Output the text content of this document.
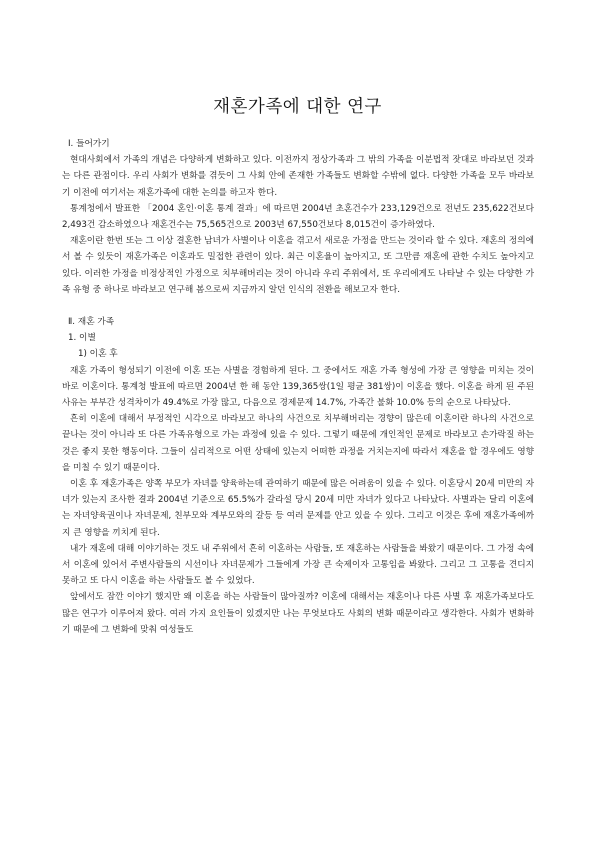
재혼가족에 대한 연구

Ⅰ. 들어가기

현대사회에서 가족의 개념은 다양하게 변화하고 있다. 이전까지 정상가족과 그 밖의 가족을 이분법적 잣대로 바라보던 것과는 다른 관점이다. 우리 사회가 변화를 겪듯이 그 사회 안에 존재한 가족들도 변화할 수밖에 없다. 다양한 가족을 모두 바라보기 이전에 여기서는 재혼가족에 대한 논의를 하고자 한다.

통계청에서 발표한 「2004 혼인·이혼 통계 결과」에 따르면 2004년 초혼건수가 233,129건으로 전년도 235,622건보다 2,493건 감소하였으나 재혼건수는 75,565건으로 2003년 67,550건보다 8,015건이 증가하였다.

재혼이란 한번 또는 그 이상 결혼한 남녀가 사별이나 이혼을 겪고서 새로운 가정을 만드는 것이라 할 수 있다. 재혼의 정의에서 볼 수 있듯이 재혼가족은 이혼과도 밀접한 관련이 있다. 최근 이혼율이 높아지고, 또 그만큼 재혼에 관한 수치도 높아지고 있다. 이러한 가정을 비정상적인 가정으로 치부해버리는 것이 아니라 우리 주위에서, 또 우리에게도 나타날 수 있는 다양한 가족 유형 중 하나로 바라보고 연구해 봄으로써 지금까지 알던 인식의 전환을 해보고자 한다.

Ⅱ. 재혼 가족

1. 이별

1) 이혼 후

재혼 가족이 형성되기 이전에 이혼 또는 사별을 경험하게 된다. 그 중에서도 재혼 가족 형성에 가장 큰 영향을 미치는 것이 바로 이혼이다. 통계청 발표에 따르면 2004년 한 해 동안 139,365쌍(1일 평균 381쌍)이 이혼을 했다. 이혼을 하게 된 주된 사유는 부부간 성격차이가 49.4%로 가장 많고, 다음으로 경제문제 14.7%, 가족간 불화 10.0% 등의 순으로 나타났다.

흔히 이혼에 대해서 부정적인 시각으로 바라보고 하나의 사건으로 치부해버리는 경향이 많은데 이혼이란 하나의 사건으로 끝나는 것이 아니라 또 다른 가족유형으로 가는 과정에 있을 수 있다. 그렇기 때문에 개인적인 문제로 바라보고 손가락질 하는 것은 좋지 못한 행동이다. 그들이 심리적으로 어떤 상태에 있는지 어떠한 과정을 거치는지에 따라서 재혼을 할 경우에도 영향을 미칠 수 있기 때문이다.

이혼 후 재혼가족은 양쪽 부모가 자녀를 양육하는데 관여하기 때문에 많은 어려움이 있을 수 있다. 이혼당시 20세 미만의 자녀가 있는지 조사한 결과 2004년 기준으로 65.5%가 갈라설 당시 20세 미만 자녀가 있다고 나타났다. 사별과는 달리 이혼에는 자녀양육권이나 자녀문제, 친부모와 계부모와의 갈등 등 여러 문제를 안고 있을 수 있다. 그리고 이것은 후에 재혼가족에까지 큰 영향을 끼치게 된다.

내가 재혼에 대해 이야기하는 것도 내 주위에서 흔히 이혼하는 사람들, 또 재혼하는 사람들을 봐왔기 때문이다. 그 가정 속에서 이혼에 있어서 주변사람들의 시선이나 자녀문제가 그들에게 가장 큰 숙제이자 고통임을 봐왔다. 그리고 그 고통을 견디지 못하고 또 다시 이혼을 하는 사람들도 볼 수 있었다.

앞에서도 잠깐 이야기 했지만 왜 이혼을 하는 사람들이 많아질까? 이혼에 대해서는 재혼이나 다른 사별 후 재혼가족보다도 많은 연구가 이루어져 왔다. 여러 가지 요인들이 있겠지만 나는 무엇보다도 사회의 변화 때문이라고 생각한다. 사회가 변화하기 때문에 그 변화에 맞춰 여성들도
